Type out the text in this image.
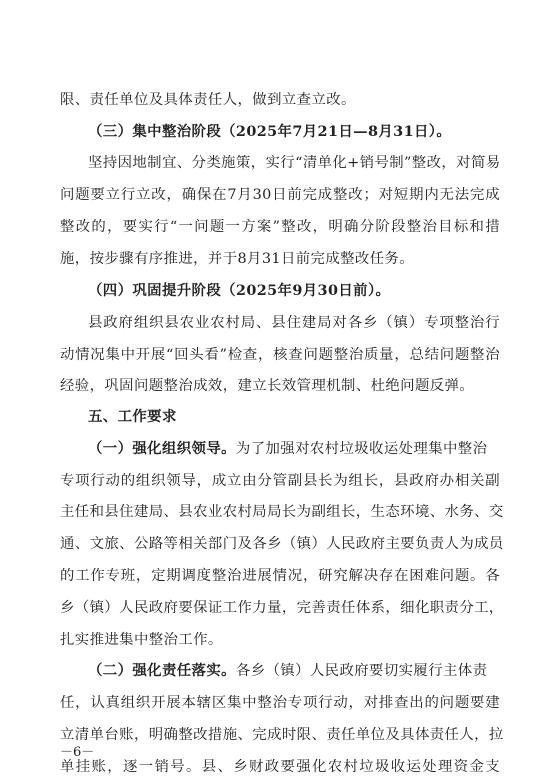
限、责任单位及具体责任人，做到立查立改。
（三）集中整治阶段（2025年7月21日—8月31日）。
坚持因地制宜、分类施策，实行“清单化+销号制”整改，对简易
问题要立行立改，确保在7月30日前完成整改；对短期内无法完成
整改的，要实行“一问题一方案”整改，明确分阶段整治目标和措
施，按步骤有序推进，并于8月31日前完成整改任务。
（四）巩固提升阶段（2025年9月30日前）。
县政府组织县农业农村局、县住建局对各乡（镇）专项整治行
动情况集中开展“回头看”检查，核查问题整治质量，总结问题整治
经验，巩固问题整治成效，建立长效管理机制、杜绝问题反弹。
五、工作要求
（一）强化组织领导。为了加强对农村垃圾收运处理集中整治
专项行动的组织领导，成立由分管副县长为组长，县政府办相关副
主任和县住建局、县农业农村局局长为副组长，生态环境、水务、交
通、文旅、公路等相关部门及各乡（镇）人民政府主要负责人为成员
的工作专班，定期调度整治进展情况，研究解决存在困难问题。各
乡（镇）人民政府要保证工作力量，完善责任体系，细化职责分工，
扎实推进集中整治工作。
（二）强化责任落实。各乡（镇）人民政府要切实履行主体责
任，认真组织开展本辖区集中整治专项行动，对排查出的问题要建
立清单台账，明确整改措施、完成时限、责任单位及具体责任人，拉
单挂账，逐一销号。县、乡财政要强化农村垃圾收运处理资金支
－6－
